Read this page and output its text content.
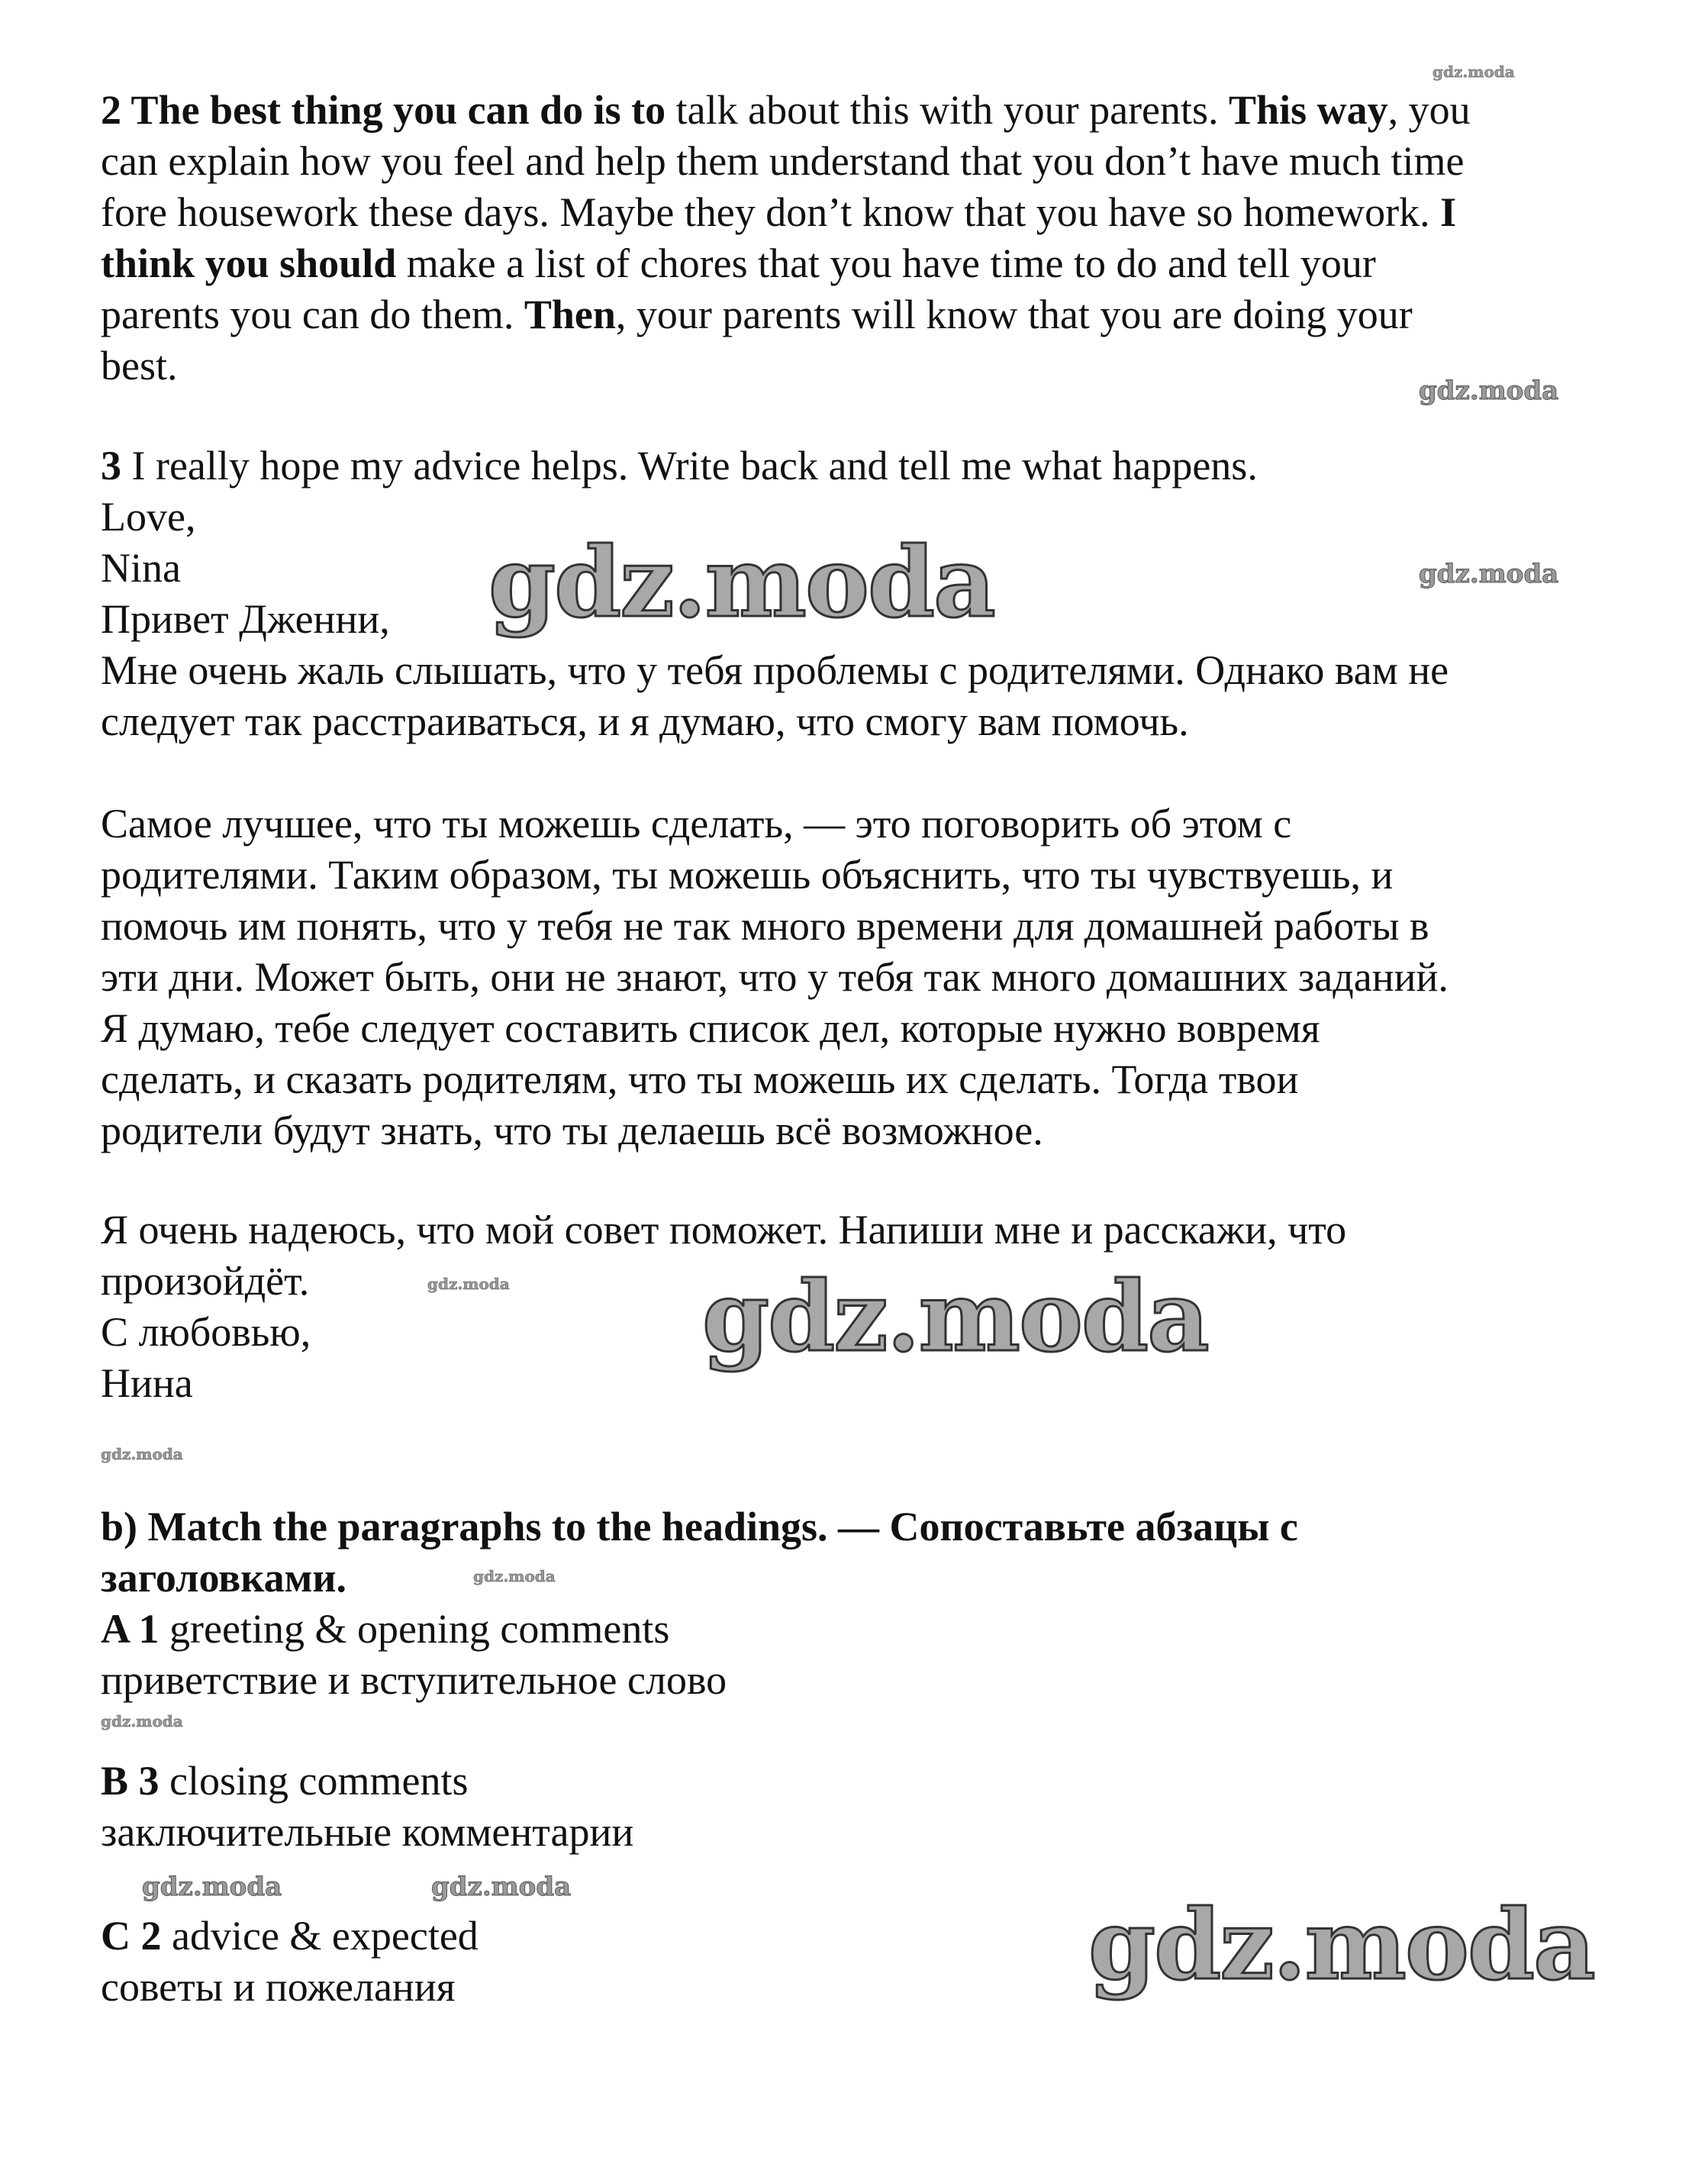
2 The best thing you can do is to talk about this with your parents. This way, you
can explain how you feel and help them understand that you don’t have much time
fore housework these days. Maybe they don’t know that you have so homework. I
think you should make a list of chores that you have time to do and tell your
parents you can do them. Then, your parents will know that you are doing your
best.
3 I really hope my advice helps. Write back and tell me what happens.
Love,
Nina
Привет Дженни,
Мне очень жаль слышать, что у тебя проблемы с родителями. Однако вам не
следует так расстраиваться, и я думаю, что смогу вам помочь.
Самое лучшее, что ты можешь сделать, — это поговорить об этом с
родителями. Таким образом, ты можешь объяснить, что ты чувствуешь, и
помочь им понять, что у тебя не так много времени для домашней работы в
эти дни. Может быть, они не знают, что у тебя так много домашних заданий.
Я думаю, тебе следует составить список дел, которые нужно вовремя
сделать, и сказать родителям, что ты можешь их сделать. Тогда твои
родители будут знать, что ты делаешь всё возможное.
Я очень надеюсь, что мой совет поможет. Напиши мне и расскажи, что
произойдёт.
С любовью,
Нина
b) Match the paragraphs to the headings. — Сопоставьте абзацы с
заголовками.
A 1 greeting & opening comments
приветствие и вступительное слово
B 3 closing comments
заключительные комментарии
C 2 advice & expected
советы и пожелания
gdz.moda
gdz.moda
gdz.moda
gdz.moda
gdz.moda gdz.moda
gdz.moda
gdz.moda
gdz.moda
gdz.moda	gdz.moda
gdz.moda
